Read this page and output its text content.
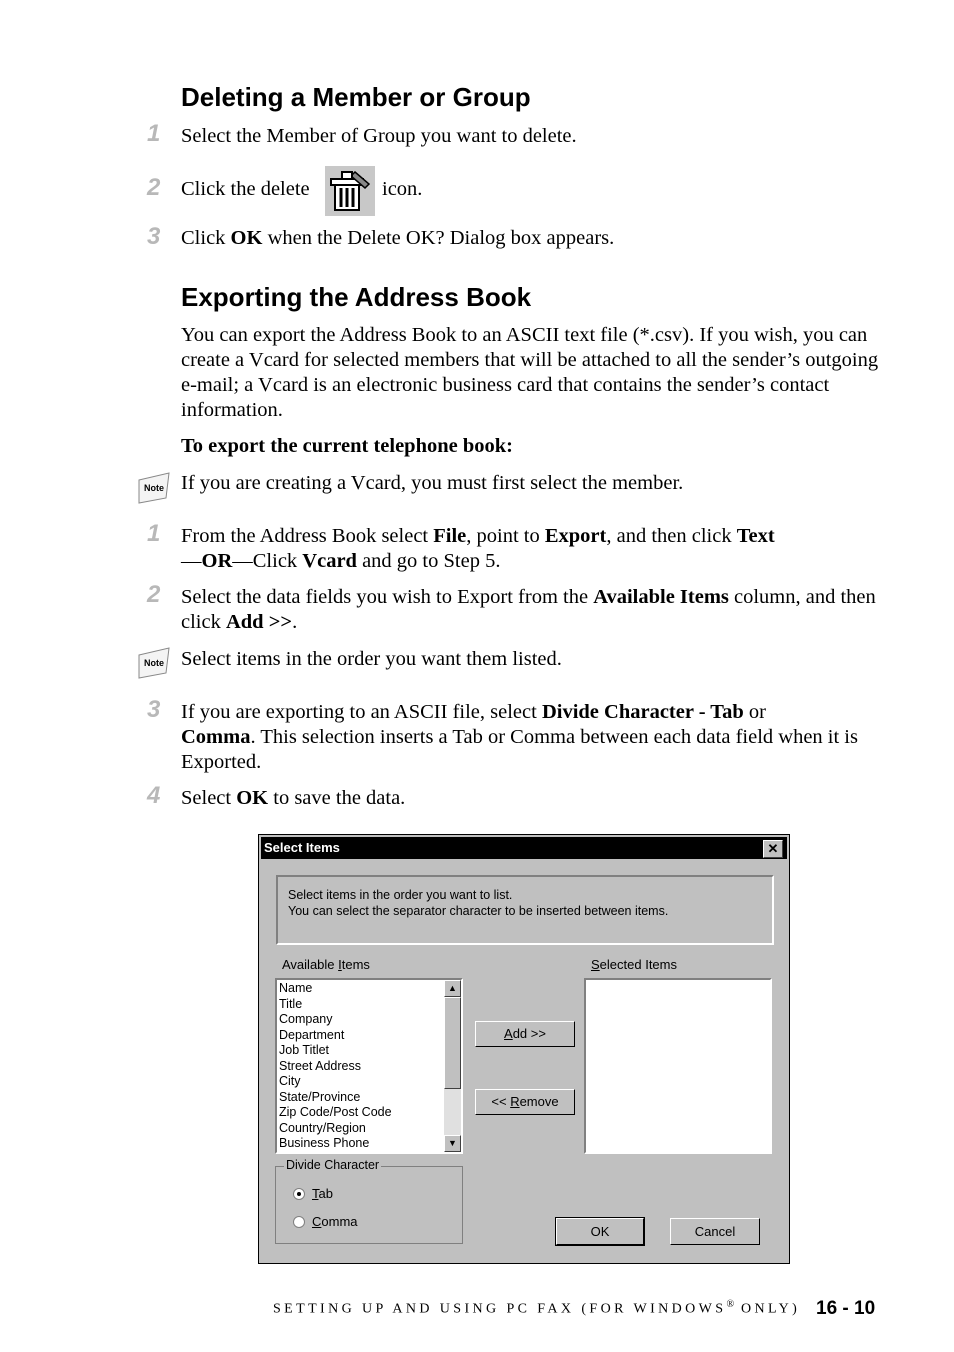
Deleting a Member or Group
1	Select the Member of Group you want to delete.
2	Click the delete	icon.
3	Click OK when the Delete OK? Dialog box appears.
Exporting the Address Book
You can export the Address Book to an ASCII text file (*.csv). If you wish, you can create a Vcard for selected members that will be attached to all the sender’s outgoing e-mail; a Vcard is an electronic business card that contains the sender’s contact information.
To export the current telephone book:
Note If you are creating a Vcard, you must first select the member.
1	From the Address Book select File, point to Export, and then click Text
—OR—Click Vcard and go to Step 5.
2	Select the data fields you wish to Export from the Available Items column, and then click Add >>.
Note Select items in the order you want them listed.
3	If you are exporting to an ASCII file, select Divide Character - Tab or
Comma. This selection inserts a Tab or Comma between each data field when it is Exported.
4	Select OK to save the data.
Select Items	✕
Select items in the order you want to list.
You can select the separator character to be inserted between items.
Available Items	Selected Items
Name
Title
Company
Department
Job Titlet
Street Address
City
State/Province
Zip Code/Post Code
Country/Region
Business Phone
▲
▼
Add >>
<< Remove
Divide Character
Tab
Comma
OK	Cancel
SETTING UP AND USING PC FAX (FOR WINDOWS® ONLY) 16 - 10
